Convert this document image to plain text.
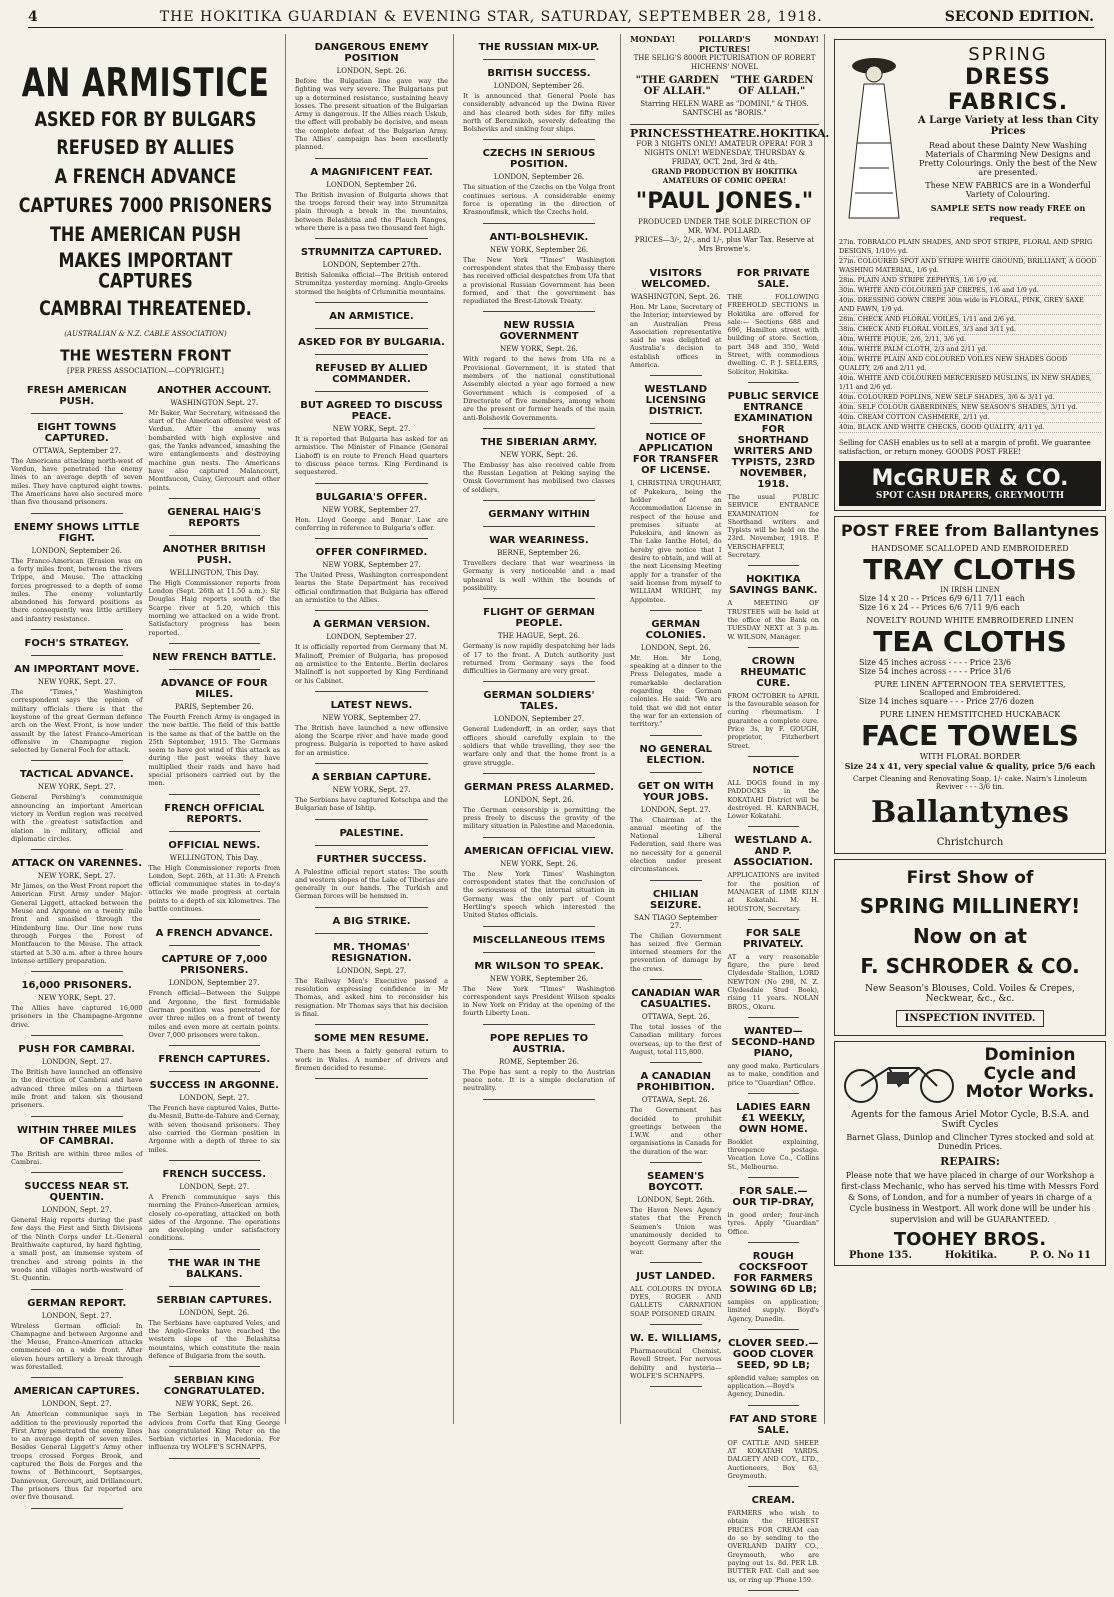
4	THE HOKITIKA GUARDIAN & EVENING STAR, SATURDAY, SEPTEMBER 28, 1918.	SECOND EDITION.
AN ARMISTICE
ASKED FOR BY BULGARS
REFUSED BY ALLIES
A FRENCH ADVANCE
CAPTURES 7000 PRISONERS
THE AMERICAN PUSH
MAKES IMPORTANT CAPTURES
CAMBRAI THREATENED.
(AUSTRALIAN & N.Z. CABLE ASSOCIATION)
THE WESTERN FRONT
[PER PRESS ASSOCIATION.—COPYRIGHT.]
FRESH AMERICAN PUSH.
EIGHT TOWNS CAPTURED.
OTTAWA, September 27.
The Americans attacking north-west of Verdun, have penetrated the enemy lines to an average depth of seven miles. They have captured eight towns. The Americans have also secured more than five thousand prisoners.
ENEMY SHOWS LITTLE FIGHT.
LONDON, September 26.
The Franco-American (Erasion was on a forty miles front, between the rivers Trippe, and Meuse. The attacking forces progressed to a depth of some miles. The enemy voluntarily abandoned his forward positions as there consequently was little artillery and infantry resistance.
FOCH'S STRATEGY.
AN IMPORTANT MOVE.
NEW YORK, Sept. 27.
The "Times," Washington correspondent says the opinion of military officials there is that the keystone of the great German defence arch on the West Front, is now under assault by the latest Franco-American offensive in Champagne region selected by General Foch for attack.
TACTICAL ADVANCE.
NEW YORK, Sept. 27.
General Pershing's communique announcing an important American victory in Verdun region was received with the greatest satisfaction and elation in military, official and diplomatic circles.
ATTACK ON VARENNES.
NEW YORK, Sept. 27.
Mr James, on the West Front report the American First Army under Major-General Liggett, attacked between the Meuse and Argonne on a twenty mile front and smashed through the Hindenburg line. Our line now runs through Forges the Forest of Montfaucon to the Meuse. The attack started at 5.30 a.m. after a three hours intense artillery preparation.
16,000 PRISONERS.
NEW YORK, Sept. 27.
The Allies have captured 16,000 prisoners in the Champagne-Argonne drive.
PUSH FOR CAMBRAI.
LONDON, Sept. 27.
The British have launched an offensive in the direction of Cambrai and have advanced three miles on a thirteen mile front and taken six thousand prisoners.
WITHIN THREE MILES OF CAMBRAI.
The British are within three miles of Cambrai.
SUCCESS NEAR ST. QUENTIN.
LONDON, Sept. 27.
General Haig reports during the past few days the First and Sixth Divisions of the Ninth Corps under Lt.-General Braithwaite captured, by hard fighting, a small post, an immense system of trenches and strong points in the woods and villages north-westward of St. Quentin.
GERMAN REPORT.
LONDON, Sept. 27.
Wireless German official: In Champagne and between Argonne and the Meuse, Franco-American attacks commenced on a wide front. After eleven hours artillery a break through was forestalled.
AMERICAN CAPTURES.
LONDON, Sept. 27.
An American communique says in addition to the previously reported the First Army penetrated the enemy lines to an average depth of seven miles. Besides General Liggett's Army other troops crossed Forges Brook, and captured the Bois de Forges and the towns of Bethincourt, Septsarges, Dannevoux, Gercourt, and Drillancourt. The prisoners thus far reported are over five thousand.
ANOTHER ACCOUNT.
WASHINGTON Sept. 27.
Mr Baker, War Secretary, witnessed the start of the American offensive west of Verdun. After the enemy was bombarded with high explosive and gas, the Yanks advanced, smashing the wire entanglements and destroying machine gun nests. The Americans have also captured Malancourt, Montfaucon, Cuisy, Gercourt and other points.
GENERAL HAIG'S REPORTS
ANOTHER BRITISH PUSH.
WELLINGTON, This Day.
The High Commissioner reports from London (Sept. 26th at 11.50 a.m.): Sir Douglas Haig reports south of the Scarpe river at 5.20, which this morning we attacked on a wide front. Satisfactory progress has been reported.
NEW FRENCH BATTLE.
ADVANCE OF FOUR MILES.
PARIS, September 26.
The Fourth French Army is engaged in the new battle. The field of this battle is the same as that of the battle on the 25th September, 1915. The Germans seem to have got wind of this attack as during the past weeks they have multiplied their raids and have had special prisoners carried out by the men.
FRENCH OFFICIAL REPORTS.
OFFICIAL NEWS.
WELLINGTON, This Day.
The High Commissioner reports from London, Sept. 26th, at 11.30: A French official communique states in to-day's attacks we made progress at certain points to a depth of six kilometres. The battle continues.
A FRENCH ADVANCE.
CAPTURE OF 7,000 PRISONERS.
LONDON, September 27.
French official—Between the Suippe and Argonne, the first formidable German position was penetrated for over three miles on a front of twenty miles and even more at certain points. Over 7,000 prisoners were taken.
FRENCH CAPTURES.
SUCCESS IN ARGONNE.
LONDON, Sept. 27.
The French have captured Vales, Butte-du-Mesnil, Butte-de-Tahure and Cernay, with seven thousand prisoners. They also carried the German position in Argonne with a depth of three to six miles.
FRENCH SUCCESS.
LONDON, Sept. 27.
A French communique says this morning the Franco-American armies, closely co-operating, attacked on both sides of the Argonne. The operations are developing under satisfactory conditions.
THE WAR IN THE BALKANS.
SERBIAN CAPTURES.
LONDON, Sept. 26.
The Serbians have captured Veles, and the Anglo-Greeks have reached the western slope of the Belashitsa mountains, which constitute the main defence of Bulgaria from the south.
SERBIAN KING CONGRATULATED.
NEW YORK, Sept. 26.
The Serbian Legation has received advices from Corfu that King George has congratulated King Peter on the Serbian victories in Macedonia. For influenza try WOLFE'S SCHNAPPS.
DANGEROUS ENEMY POSITION
LONDON, Sept. 26.
Before the Bulgarian line gave way the fighting was very severe. The Bulgarians put up a determined resistance, sustaining heavy losses. The present situation of the Bulgarian Army is dangerous. If the Allies reach Uskub, the effect will probably be decisive, and mean the complete defeat of the Bulgarian Army. The Allies' campaign has been excellently planned.
A MAGNIFICENT FEAT.
LONDON, September 26.
The British invasion of Bulgaria shows that the troops forced their way into Strumnitza plain through a break in the mountains, between Belashitsa and the Plauch Ranges, where there is a pass two thousand feet high.
STRUMNITZA CAPTURED.
LONDON, September 27th.
British Salonika official—The British entered Strumnitza yesterday morning. Anglo-Greeks stormed the heights of Crlumnitia mountains.
AN ARMISTICE.
ASKED FOR BY BULGARIA.
REFUSED BY ALLIED COMMANDER.
BUT AGREED TO DISCUSS PEACE.
NEW YORK, Sept. 27.
It is reported that Bulgaria has asked for an armistice. The Minister of Finance (General Liaboff) is en route to French Head quarters to discuss peace terms. King Ferdinand is sequestered.
BULGARIA'S OFFER.
NEW YORK, September 27.
Hon. Lloyd George and Bonar Law are conferring in reference to Bulgaria's offer.
OFFER CONFIRMED.
NEW YORK, September 27.
The United Press, Washington correspondent learns the State Department has received official confirmation that Bulgaria has offered an armistice to the Allies.
A GERMAN VERSION.
LONDON, September 27.
It is officially reported from Germany that M. Malinoff, Premier of Bulgaria, has proposed an armistice to the Entente. Berlin declares Malinoff is not supported by King Ferdinand or his Cabinet.
LATEST NEWS.
NEW YORK, September 27.
The British have launched a new offensive along the Scarpe river and have made good progress. Bulgaria is reported to have asked for an armistice.
A SERBIAN CAPTURE.
NEW YORK, Sept. 27.
The Serbians have captured Kotschpa and the Bulgarian base of Ishtip.
PALESTINE.
FURTHER SUCCESS.
A Palestine official report states: The south and western slopes of the Lake of Tiberias are generally in our hands. The Turkish and German forces will be hemmed in.
A BIG STRIKE.
MR. THOMAS' RESIGNATION.
LONDON, Sept. 27.
The Railway Men's Executive passed a resolution expressing confidence in Mr Thomas, and asked him to reconsider his resignation. Mr Thomas says that his decision is final.
SOME MEN RESUME.
There has been a fairly general return to work in Wales. A number of drivers and firemen decided to resume.
THE RUSSIAN MIX-UP.
BRITISH SUCCESS.
LONDON, September 26.
It is announced that General Poole has considerably advanced up the Dwina River and has cleared both sides for fifty miles north of Bereznikoh, severely defeating the Bolsheviks and sinking four ships.
CZECHS IN SERIOUS POSITION.
LONDON, September 26.
The situation of the Czechs on the Volga front continues serious. A considerable enemy force is operating in the direction of Krasnoufimsk, which the Czechs hold.
ANTI-BOLSHEVIK.
NEW YORK, September 26.
The New York "Times" Washington correspondent states that the Embassy there has received official despatches from Ufa that a provisional Russian Government has been formed, and that the government has repudiated the Brest-Litovsk Treaty.
NEW RUSSIA GOVERNMENT
NEW YORK, Sept. 26.
With regard to the news from Ufa re a Provisional Government, it is stated that members of the national constitutional Assembly elected a year ago formed a new Government which is composed of a Directorate of five members, among whom are the present or former heads of the main anti-Bolshevik Governments.
THE SIBERIAN ARMY.
NEW YORK, Sept. 26.
The Embassy has also received cable from the Russian Legation at Peking saying the Omsk Government has mobilised two classes of soldiers.
GERMANY WITHIN
WAR WEARINESS.
BERNE, September 26.
Travellers declare that war weariness in Germany is very noticeable and a mad upheaval is well within the bounds of possibility.
FLIGHT OF GERMAN PEOPLE.
THE HAGUE, Sept. 26.
Germany is now rapidly despatching her lads of 17 to the front. A Dutch authority just returned from Germany says the food difficulties in Germany are very great.
GERMAN SOLDIERS' TALES.
LONDON, September 27.
General Ludendorff, in an order, says that officers should carefully explain to the soldiers that while travelling, they see the warfare only and that the home front is a grave struggle.
GERMAN PRESS ALARMED.
LONDON, Sept. 26.
The German censorship is permitting the press freely to discuss the gravity of the military situation in Palestine and Macedonia.
AMERICAN OFFICIAL VIEW.
NEW YORK, Sept. 26.
The New York Times' Washington correspondent states that the conclusion of the seriousness of the internal situation in Germany was the only part of Count Hertling's speech which interested the United States officials.
MISCELLANEOUS ITEMS
MR WILSON TO SPEAK.
NEW YORK, September 26.
The New York "Times" Washington correspondent says President Wilson speaks in New York on Friday at the opening of the fourth Liberty Loan.
POPE REPLIES TO AUSTRIA.
ROME, September 26.
The Pope has sent a reply to the Austrian peace note. It is a simple declaration of neutrality.
MONDAY!	POLLARD'S PICTURES!
MONDAY!
THE SELIG'S 8000ft PICTURISATION OF ROBERT HICHENS' NOVEL
"THE GARDEN OF ALLAH."
"THE GARDEN OF ALLAH."
Starring HELEN WARE as "DOMINI," & THOS. SANTSCHI as "BORIS."
PRINCESS THEATRE. HOKITIKA.
FOR 3 NIGHTS ONLY! AMATEUR OPERA! FOR 3 NIGHTS ONLY! WEDNESDAY, THURSDAY & FRIDAY, OCT. 2nd, 3rd & 4th.
GRAND PRODUCTION BY HOKITIKA AMATEURS OF COMIC OPERA!
"PAUL JONES."
PRODUCED UNDER THE SOLE DIRECTION OF MR. WM. POLLARD.
PRICES—3/-, 2/-, and 1/-, plus War Tax. Reserve at Mrs Browne's.
VISITORS WELCOMED.
WASHINGTON, Sept. 26.
Hon. Mr Lane, Secretary of the Interior, interviewed by an Australian Press Association representative said he was delighted at Australia's decision to establish offices in America.
WESTLAND LICENSING DISTRICT.
NOTICE OF APPLICATION FOR TRANSFER OF LICENSE.
I, CHRISTINA URQUHART, of Pukekura, being the holder of an Accommodation License in respect of the house and premises situate at Pukekura, and known as The Lake Ianthe Hotel, do hereby give notice that I desire to obtain, and will at the next Licensing Meeting apply for a transfer of the said license from myself to WILLIAM WRIGHT, my Appointee.
GERMAN COLONIES.
LONDON, Sept. 26.
Mr. Hon. Mr Long, speaking at a dinner to the Press Delegates, made a remarkable declaration regarding the German colonies. He said: "We are told that we did not enter the war for an extension of territory."
NO GENERAL ELECTION.
GET ON WITH YOUR JOBS.
LONDON, Sept. 27.
The Chairman at the annual meeting of the National Liberal Federation, said there was no necessity for a general election under present circumstances.
CHILIAN SEIZURE.
SAN TIAGO September 27.
The Chilian Government has seized five German interned steamers for the prevention of damage by the crews.
CANADIAN WAR CASUALTIES.
OTTAWA, Sept. 26.
The total losses of the Canadian military forces overseas, up to the first of August, total 115,800.
A CANADIAN PROHIBITION.
OTTAWA, Sept. 26.
The Government has decided to prohibit greetings between the I.W.W. and other organisations in Canada for the duration of the war.
SEAMEN'S BOYCOTT.
LONDON, Sept. 26th.
The Havon News Agency states that the French Seamen's Union was unanimously decided to boycott Germany after the war.
JUST LANDED.
ALL COLOURS IN DYOLA DYES, ROGER AND GALLETS CARNATION SOAP. POISONED GRAIN.
W. E. WILLIAMS,
Pharmaceutical Chemist. Revell Street. For nervous debility and hysteria—WOLFE'S SCHNAPPS.
FOR PRIVATE SALE.
THE FOLLOWING FREEHOLD SECTIONS in Hokitika are offered for sale:— Sections 688 and 696, Hamilton street with building of store. Section, part 348 and 350, Weld Street, with commodious dwelling. C. P. J. SELLERS, Solicitor, Hokitika.
PUBLIC SERVICE ENTRANCE EXAMINATION FOR SHORTHAND WRITERS AND TYPISTS, 23RD NOVEMBER, 1918.
The usual PUBLIC SERVICE ENTRANCE EXAMINATION for Shorthand writers and Typists will be held on the 23rd. November, 1918. P. VERSCHAFFELT, Secretary.
HOKITIKA SAVINGS BANK.
A MEETING OF TRUSTEES will be held at the office of the Bank on TUESDAY NEXT at 3 p.m. W. WILSON, Manager.
CROWN RHEUMATIC CURE.
FROM OCTOBER to APRIL is the favourable season for curing rheumatism. I guarantee a complete cure. Price 3s, by F. GOUGH, proprietor, Fitzherbert Street.
NOTICE
ALL DOGS found in my PADDOCKS in the KOKATAHI District will be destroyed. H. KARNBACH, Lower Kokatahi.
WESTLAND A. AND P. ASSOCIATION.
APPLICATIONS are invited for the position of MANAGER of LIME KILN at Kokatahi. M. H. HOUSTON, Secretary.
FOR SALE PRIVATELY.
AT a very reasonable figure, the pure bred Clydesdale Stallion, LORD NEWTON (No 298, N. Z. Clydesdale Stud Book), rising 11 years. NOLAN BROS., Okuru.
WANTED—SECOND-HAND PIANO,
any good make. Particulars as to make, condition and price to "Guardian" Office.
LADIES EARN £1 WEEKLY, OWN HOME.
Booklet explaining, threepence postage. Vocation Love Co., Collins St., Melbourne.
FOR SALE.—OUR TIP-DRAY,
in good order; four-inch tyres. Apply "Guardian" Office.
ROUGH COCKSFOOT FOR FARMERS SOWING 6D LB;
samples on application; limited supply. Boyd's Agency, Dunedin.
CLOVER SEED.—GOOD CLOVER SEED, 9D LB;
splendid value; samples on application.—Boyd's Agency, Dunedin.
FAT AND STORE SALE.
OF CATTLE AND SHEEP. AT KOKATAHI YARDS. DALGETY AND COY., LTD., Auctioneers, Box 63, Greymouth.
CREAM.
FARMERS who wish to obtain the HIGHEST PRICES FOR CREAM can do so by sending to the OVERLAND DAIRY CO., Greymouth, who are paying out 1s. 8d. PER LB. BUTTER FAT. Call and see us, or ring up 'Phone 159.
SPRING
DRESS FABRICS.
A Large Variety at less than City Prices
Read about these Dainty New Washing Materials of Charming New Designs and Pretty Colourings. Only the best of the New are presented.
These NEW FABRICS are in a Wonderful Variety of Colouring.
SAMPLE SETS now ready FREE on request.
27in. TOBRALCO PLAIN SHADES, AND SPOT STRIPE, FLORAL AND SPRIG DESIGNS, 1/10½ yd.
27in. COLOURED SPOT AND STRIPE WHITE GROUND, BRILLIANT, A GOOD WASHING MATERIAL, 1/6 yd.
28in. PLAIN AND STRIPE ZEPHYRS, 1/6 1/9 yd.
30in. WHITE AND COLOURED JAP CREPES, 1/6 and 1/9 yd.
40in. DRESSING GOWN CREPE 30in wide in FLORAL, PINK, GREY SAXE AND FAWN, 1/9 yd.
28in. CHECK AND FLORAL VOILES, 1/11 and 2/6 yd.
38in. CHECK AND FLORAL VOILES, 3/3 and 3/11 yd.
40in. WHITE PIQUE, 2/6, 2/11, 3/6 yd.
40in. WHITE PALM CLOTH, 2/3 and 2/11 yd.
40in. WHITE PLAIN AND COLOURED VOILES NEW SHADES GOOD QUALITY, 2/6 and 2/11 yd.
40in. WHITE AND COLOURED MERCERISED MUSLINS, IN NEW SHADES, 1/11 and 2/6 yd.
40in. COLOURED POPLINS, NEW SELF SHADES, 3/6 & 3/11 yd.
40in. SELF COLOUR GABERDINES, NEW SEASON'S SHADES, 3/11 yd.
40in. CREAM COTTON CASHMERE, 2/11 yd.
40in. BLACK AND WHITE CHECKS, GOOD QUALITY, 4/11 yd.
Selling for CASH enables us to sell at a margin of profit. We guarantee satisfaction, or return money. GOODS POST FREE!
McGRUER & CO.
SPOT CASH DRAPERS, GREYMOUTH
POST FREE from Ballantynes
HANDSOME SCALLOPED AND EMBROIDERED
TRAY CLOTHS
IN IRISH LINEN
Size 14 x 20 - - Prices 6/9 6/11 7/11 each
Size 16 x 24 - - Prices 6/6 7/11 9/6 each
NOVELTY ROUND WHITE EMBROIDERED LINEN
TEA CLOTHS
Size 45 inches across - - - - Price 23/6
Size 54 inches across - - - - Price 31/6
PURE LINEN AFTERNOON TEA SERVIETTES,
Scalloped and Embroidered.
Size 14 inches square - - - Price 27/6 dozen
PURE LINEN HEMSTITCHED HUCKABACK
FACE TOWELS
WITH FLORAL BORDER
Size 24 x 41, very special value & quality, price 5/6 each
Carpet Cleaning and Renovating Soap, 1/- cake. Nairn's Linoleum Reviver - - - 3/6 tin.
Ballantynes Christchurch
First Show of
SPRING MILLINERY!
Now on at
F. SCHRODER & CO.
New Season's Blouses, Cold. Voiles & Crepes, Neckwear, &c., &c.
INSPECTION INVITED.
Dominion
Cycle and Motor Works.
Agents for the famous Ariel Motor Cycle, B.S.A. and Swift Cycles
Barnet Glass, Dunlop and Clincher Tyres stocked and sold at Dunedin Prices.
REPAIRS:
Please note that we have placed in charge of our Workshop a first-class Mechanic, who has served his time with Messrs Ford & Sons, of London, and for a number of years in charge of a Cycle business in Westport. All work done will be under his supervision and will be GUARANTEED.
TOOHEY BROS.
Phone 135.	Hokitika.	P. O. No 11
